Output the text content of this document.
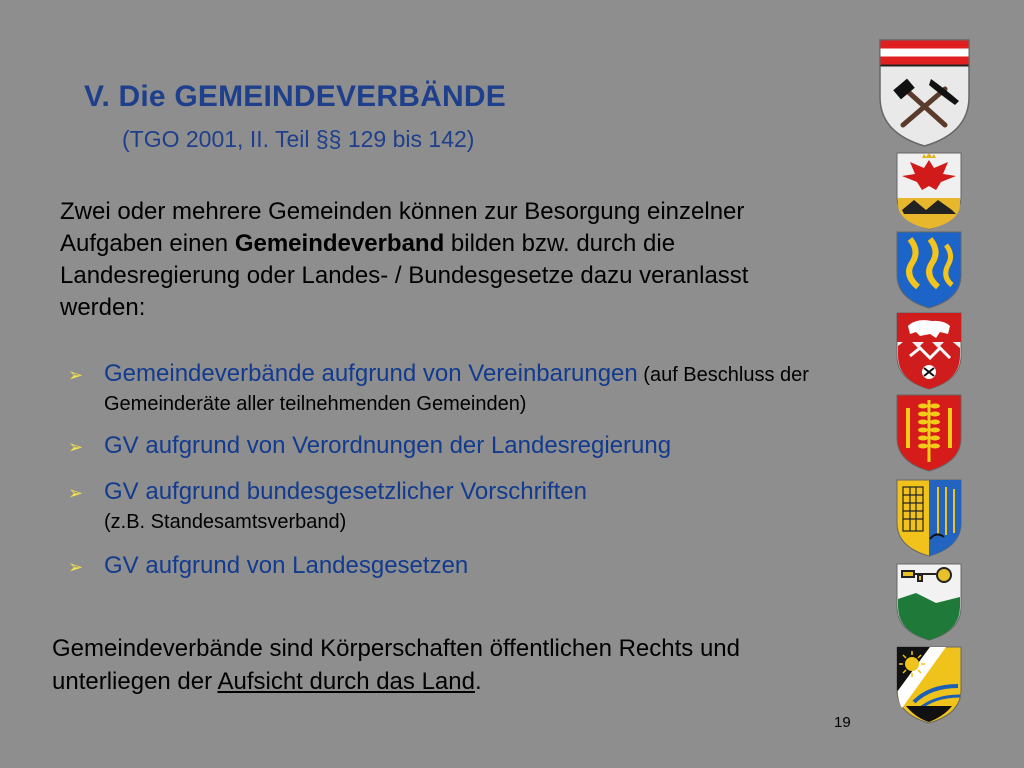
V. Die GEMEINDEVERBÄNDE
(TGO 2001, II. Teil §§ 129 bis 142)

Zwei oder mehrere Gemeinden können zur Besorgung einzelner Aufgaben einen Gemeindeverband bilden bzw. durch die Landesregierung oder Landes- / Bundesgesetze dazu veranlasst werden:

➢ Gemeindeverbände aufgrund von Vereinbarungen (auf Beschluss der Gemeinderäte aller teilnehmenden Gemeinden)
➢ GV aufgrund von Verordnungen der Landesregierung
➢ GV aufgrund bundesgesetzlicher Vorschriften
(z.B. Standesamtsverband)
➢ GV aufgrund von Landesgesetzen

Gemeindeverbände sind Körperschaften öffentlichen Rechts und unterliegen der Aufsicht durch das Land.

19
